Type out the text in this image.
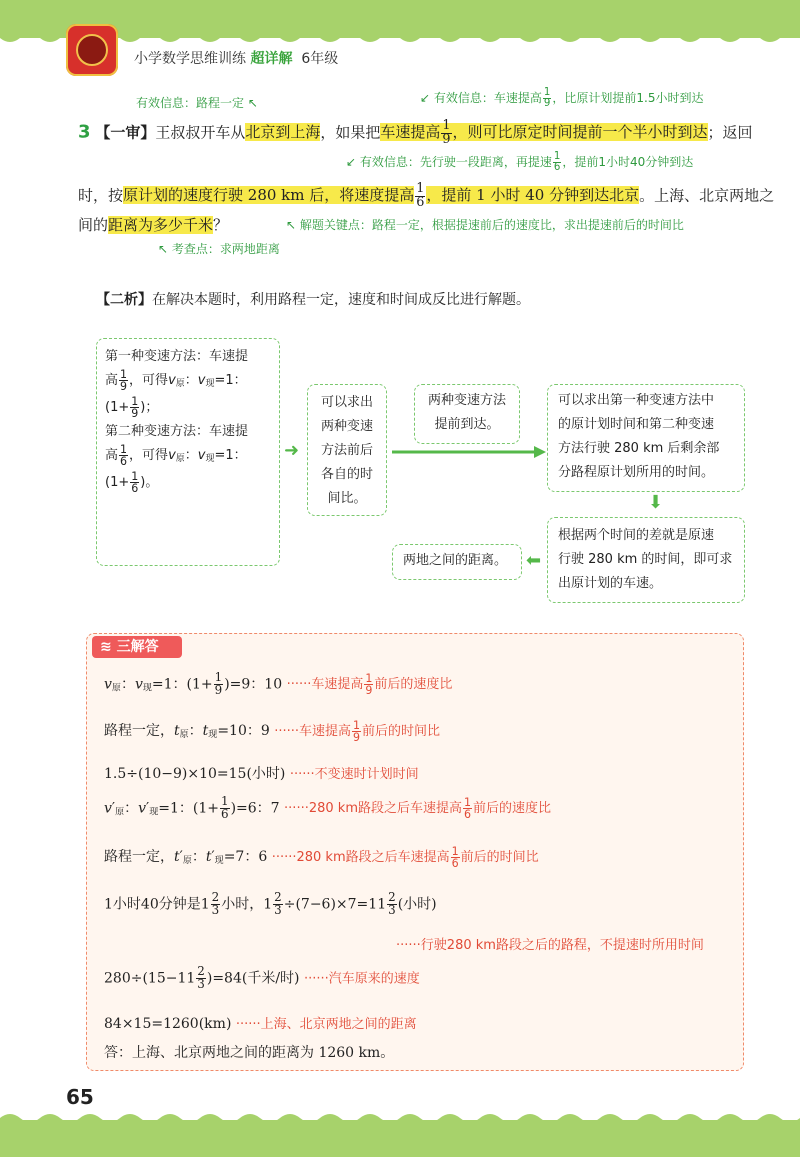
小学数学思维训练 超详解 6年级
有效信息：路程一定 ↖	↙ 有效信息：车速提高 $\frac{1}{9}$ ，比原计划提前1.5小时到达
↙ 有效信息：先行驶一段距离，再提速 $\frac{1}{6}$ ，提前1小时40分钟到达
↖ 解题关键点：路程一定，根据提速前后的速度比，求出提速前后的时间比
↖ 考查点：求两地距离
3 【一审】王叔叔开车从北京到上海，如果把车速提高 $\frac{1}{9}$ ，则可比原定时间提前一个半小时到达；返回
时，按原计划的速度行驶 280 km 后，将速度提高 $\frac{1}{6}$ ，提前 1 小时 40 分钟到达北京。上海、北京两地之
间的距离为多少千米？
【二析】在解决本题时，利用路程一定，速度和时间成反比进行解题。
第一种变速方法：车速提
高 $\frac{1}{9}$ ，可得$v_原$：$v_现=1$：
($1+ \frac{1}{9}$ )；
第二种变速方法：车速提
高 $\frac{1}{6}$ ，可得$v_原$：$v_现=1$：
($1+ \frac{1}{6}$ )。
➜
可以求出
两种变速
方法前后
各自的时
间比。
两种变速方法
提前到达。
可以求出第一种变速方法中
的原计划时间和第二种变速
方法行驶 280 km 后剩余部
分路程原计划所用的时间。
⬇
根据两个时间的差就是原速
行驶 280 km 的时间，即可求
出原计划的车速。
⬅
两地之间的距离。
≋ 三解答
$v_原$：$v_现=1$：$(1+ \frac{1}{9} )=9$：10 ······车速提高 $\frac{1}{9}$ 前后的速度比
路程一定，$t_原$：$t_现=10$：9 ······车速提高 $\frac{1}{9}$ 前后的时间比
1.5÷(10−9)×10=15(小时) ······不变速时计划时间
$v'_原$：$v'_现=1$：$(1+ \frac{1}{6} )=6$：7 ······280 km路段之后车速提高 $\frac{1}{6}$ 前后的速度比
路程一定，$t'_原$：$t'_现=7$：6 ······280 km路段之后车速提高 $\frac{1}{6}$ 前后的时间比
1小时40分钟是$1 \frac{2}{3}$ 小时，$1 \frac{2}{3} \div(7-6)\times 7=11 \frac{2}{3}$ (小时)
······行驶280 km路段之后的路程，不提速时所用时间
$280\div(15-11 \frac{2}{3} )=84$(千米/时) ······汽车原来的速度
84×15=1260(km) ······上海、北京两地之间的距离
答：上海、北京两地之间的距离为 1260 km。
65
